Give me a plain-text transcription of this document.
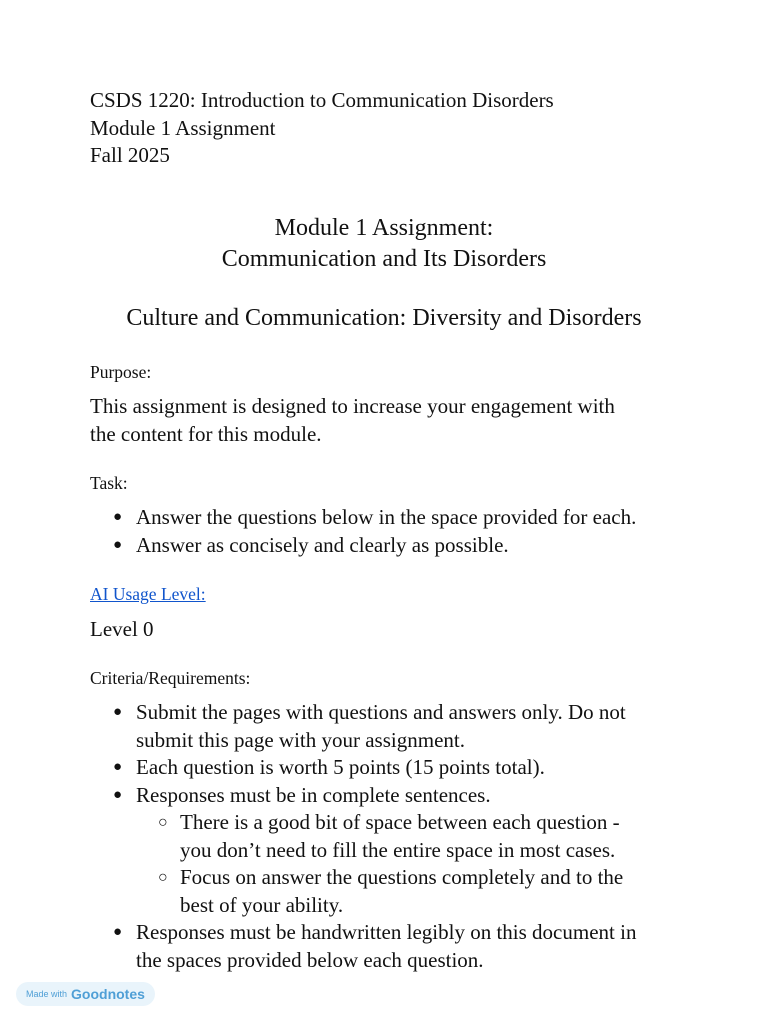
CSDS 1220: Introduction to Communication Disorders
Module 1 Assignment
Fall 2025
Module 1 Assignment:
Communication and Its Disorders
Culture and Communication: Diversity and Disorders
Purpose:
This assignment is designed to increase your engagement with
the content for this module.
Task:
● Answer the questions below in the space provided for each.
● Answer as concisely and clearly as possible.
AI Usage Level:
Level 0
Criteria/Requirements:
● Submit the pages with questions and answers only. Do not
submit this page with your assignment.
● Each question is worth 5 points (15 points total).
● Responses must be in complete sentences.
○ There is a good bit of space between each question -
you don’t need to fill the entire space in most cases.
○ Focus on answer the questions completely and to the
best of your ability.
● Responses must be handwritten legibly on this document in
the spaces provided below each question.
Made with Goodnotes
